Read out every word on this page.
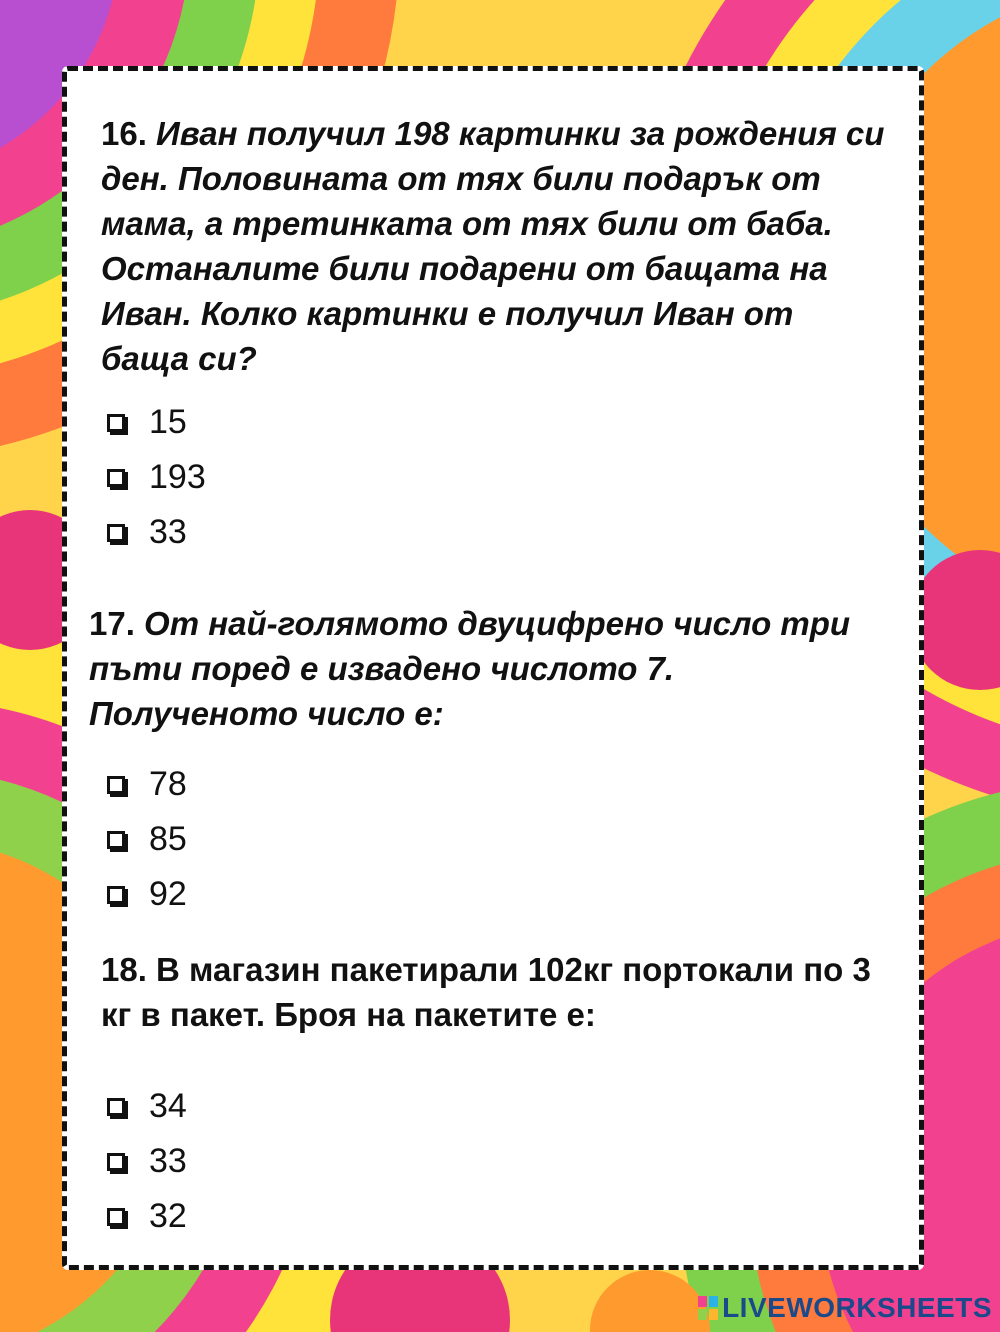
16. Иван получил 198 картинки за рождения си ден. Половината от тях били подарък от мама, а третинката от тях били от баба. Останалите били подарени от бащата на Иван. Колко картинки е получил Иван от баща си?
15
193
33
17. От най-голямото двуцифрено число три пъти поред е извадено числото 7. Полученото число е:
78
85
92
18. В магазин пакетирали 102кг портокали по 3 кг в пакет. Броя на пакетите е:
34
33
32
LIVEWORKSHEETS
